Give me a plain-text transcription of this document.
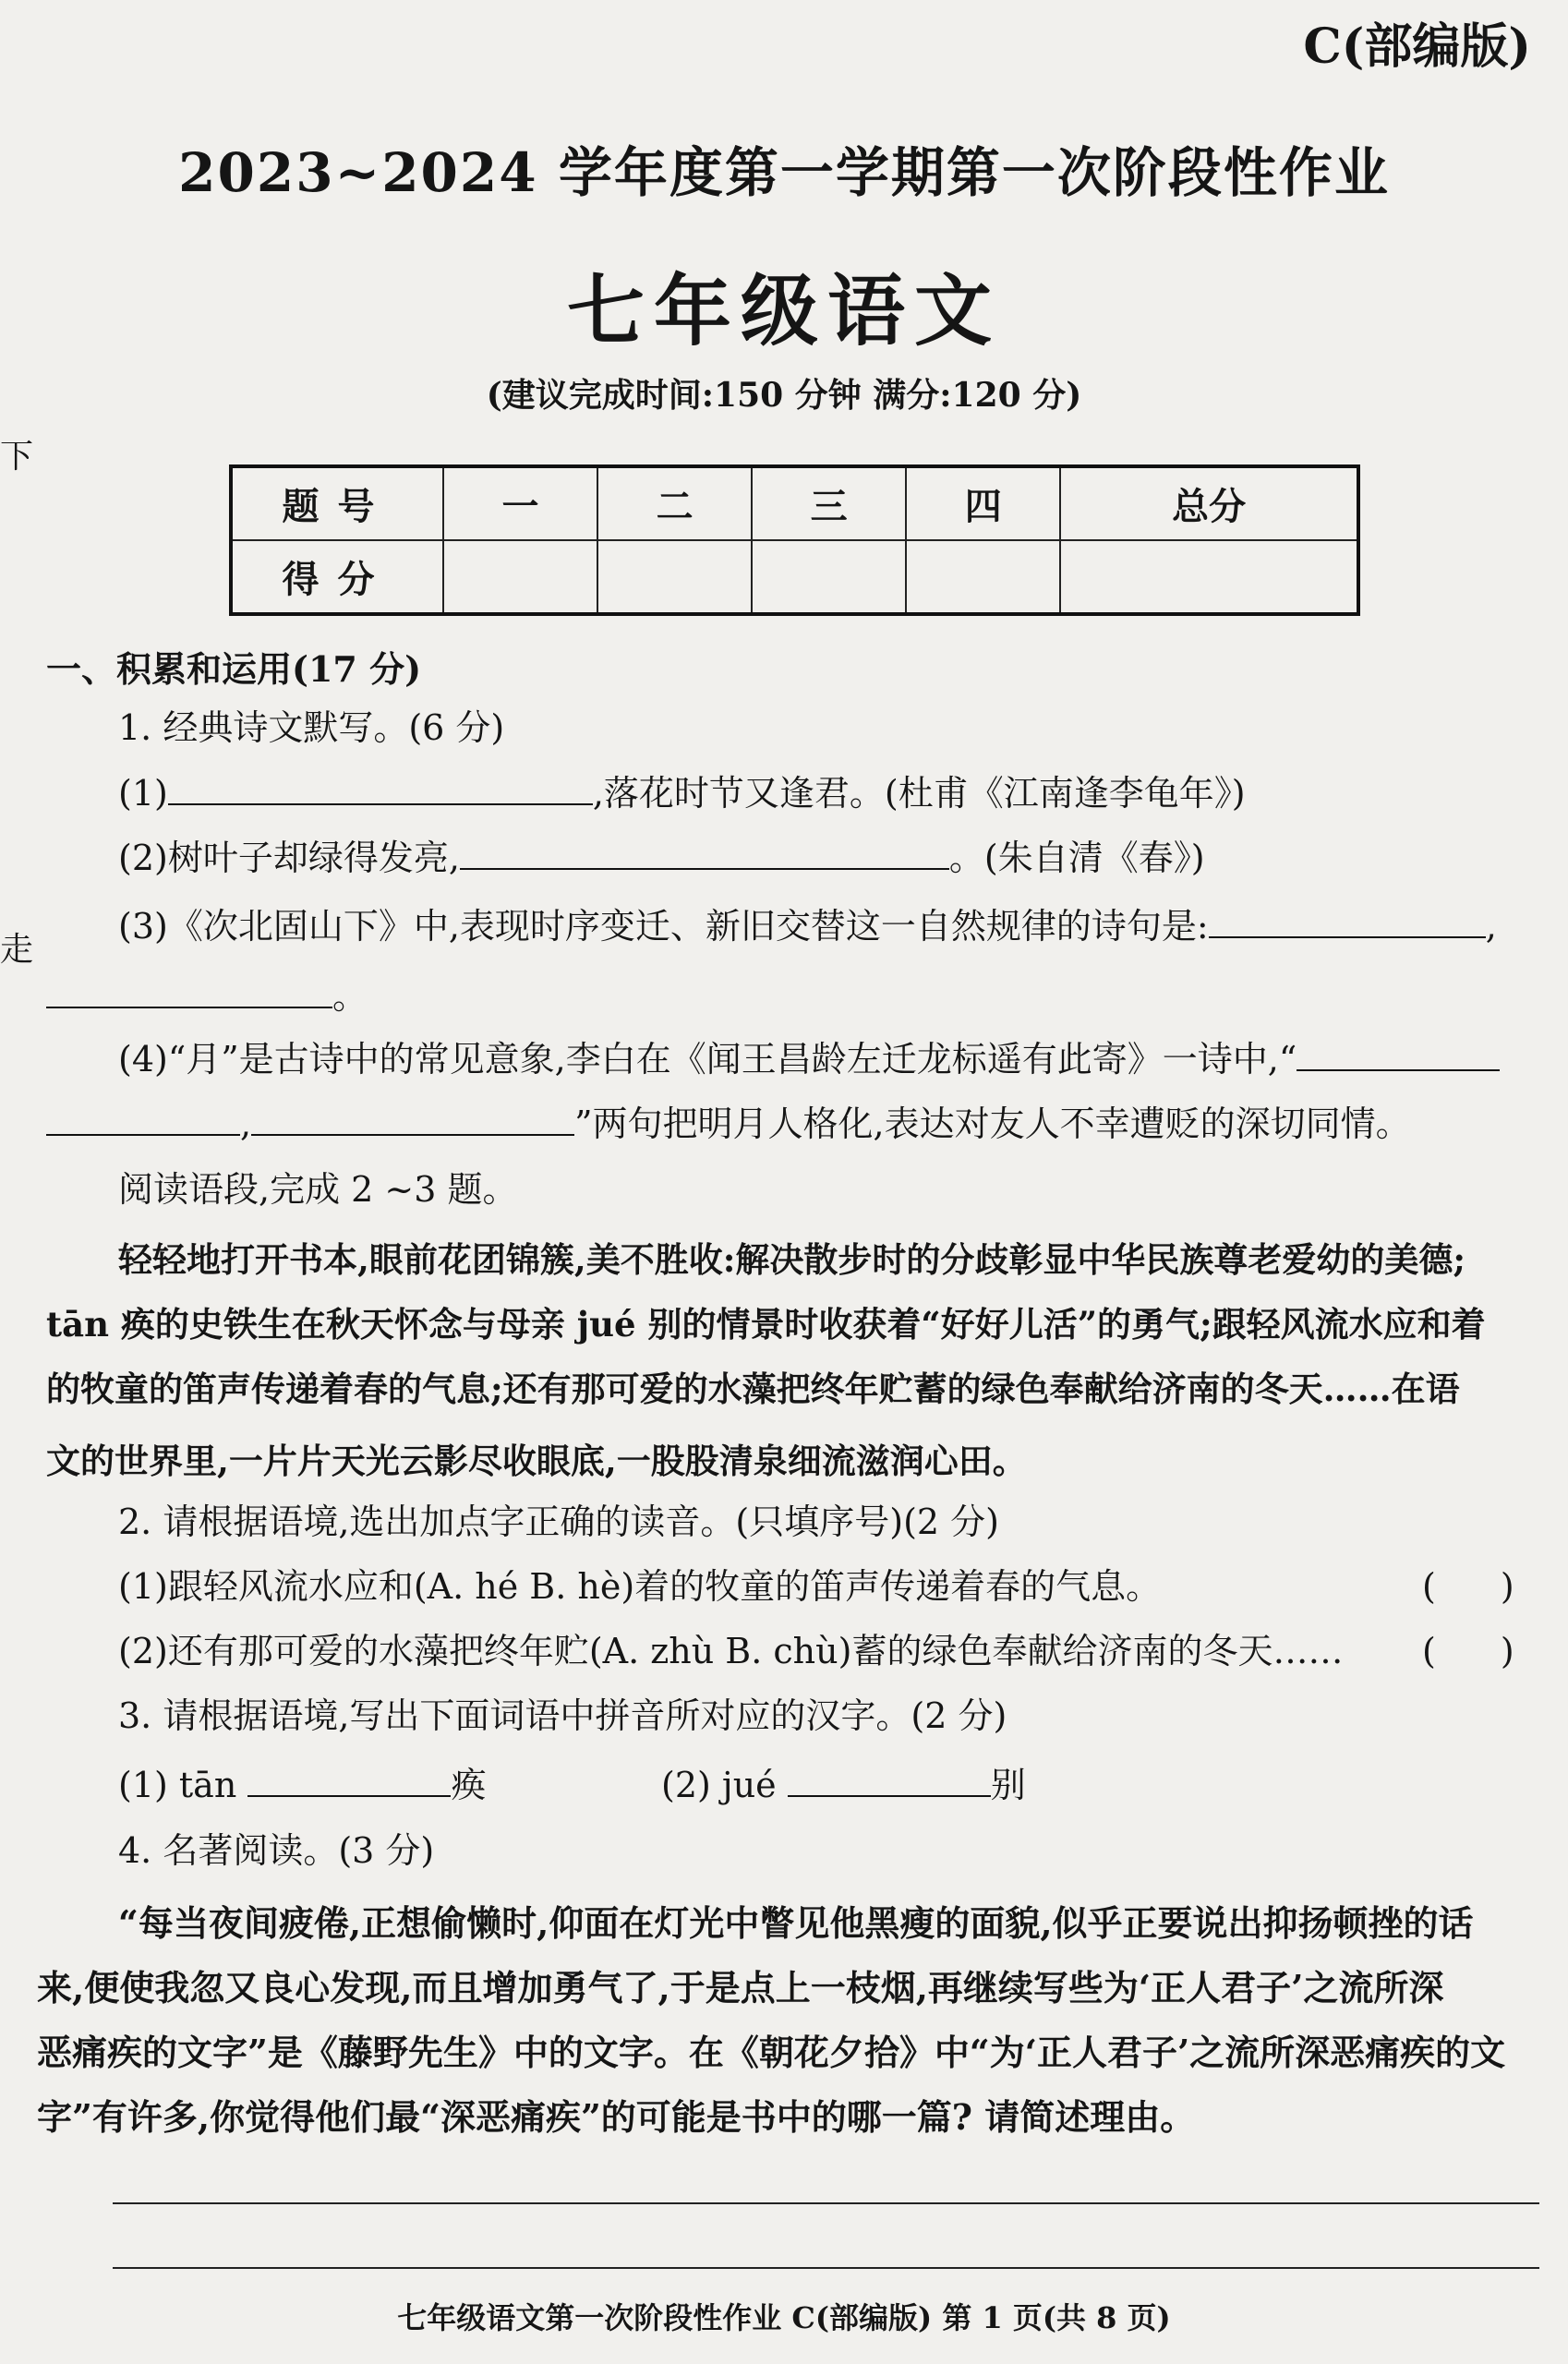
C(部编版)
2023~2024 学年度第一学期第一次阶段性作业
七年级语文
(建议完成时间:150 分钟 满分:120 分)
题号	一	二	三	四	总分
得分					
一、积累和运用(17 分)
1. 经典诗文默写。(6 分)
(1)	,落花时节又逢君。(杜甫《江南逢李龟年》)
(2)树叶子却绿得发亮,	。(朱自清《春》)
(3)《次北固山下》中,表现时序变迁、新旧交替这一自然规律的诗句是:	,
。
(4)“月”是古诗中的常见意象,李白在《闻王昌龄左迁龙标遥有此寄》一诗中,“
,	”两句把明月人格化,表达对友人不幸遭贬的深切同情。
阅读语段,完成 2 ~3 题。
轻轻地打开书本,眼前花团锦簇,美不胜收:解决散步时的分歧彰显中华民族尊老爱幼的美德;
tān 痪的史铁生在秋天怀念与母亲 jué 别的情景时收获着“好好儿活”的勇气;跟轻风流水应和着
的牧童的笛声传递着春的气息;还有那可爱的水藻把终年贮蓄的绿色奉献给济南的冬天……在语
文的世界里,一片片天光云影尽收眼底,一股股清泉细流滋润心田。
2. 请根据语境,选出加点字正确的读音。(只填序号)(2 分)
(1)跟轻风流水应和(A. hé B. hè)着的牧童的笛声传递着春的气息。	( )
(2)还有那可爱的水藻把终年贮(A. zhù B. chù)蓄的绿色奉献给济南的冬天…… ( )
3. 请根据语境,写出下面词语中拼音所对应的汉字。(2 分)
(1) tān	痪	(2) jué	别
4. 名著阅读。(3 分)
“每当夜间疲倦,正想偷懒时,仰面在灯光中瞥见他黑瘦的面貌,似乎正要说出抑扬顿挫的话
来,便使我忽又良心发现,而且增加勇气了,于是点上一枝烟,再继续写些为‘正人君子’之流所深
恶痛疾的文字”是《藤野先生》中的文字。在《朝花夕拾》中“为‘正人君子’之流所深恶痛疾的文
字”有许多,你觉得他们最“深恶痛疾”的可能是书中的哪一篇? 请简述理由。
七年级语文第一次阶段性作业 C(部编版) 第 1 页(共 8 页)
下
走
